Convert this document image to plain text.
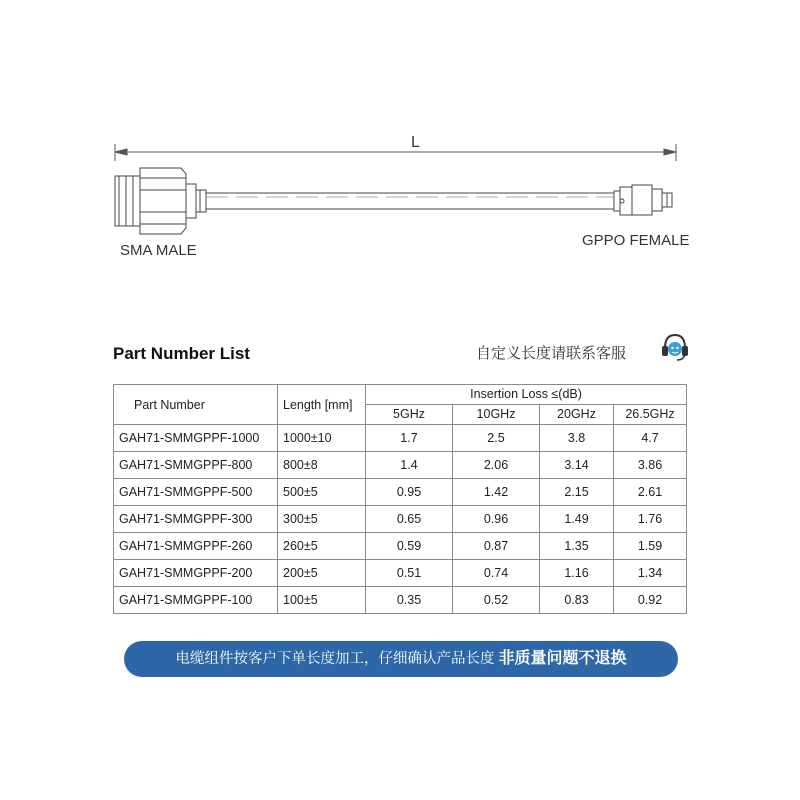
L
SMA MALE
GPPO FEMALE
Part Number List	自定义长度请联系客服
Part Number	Length [mm]	Insertion Loss ≤(dB)			
		5GHz	10GHz	20GHz	26.5GHz
GAH71-SMMGPPF-1000	1000±10	1.7	2.5	3.8	4.7
GAH71-SMMGPPF-800	800±8	1.4	2.06	3.14	3.86
GAH71-SMMGPPF-500	500±5	0.95	1.42	2.15	2.61
GAH71-SMMGPPF-300	300±5	0.65	0.96	1.49	1.76
GAH71-SMMGPPF-260	260±5	0.59	0.87	1.35	1.59
GAH71-SMMGPPF-200	200±5	0.51	0.74	1.16	1.34
GAH71-SMMGPPF-100	100±5	0.35	0.52	0.83	0.92
电缆组件按客户下单长度加工，仔细确认产品长度 非质量问题不退换
